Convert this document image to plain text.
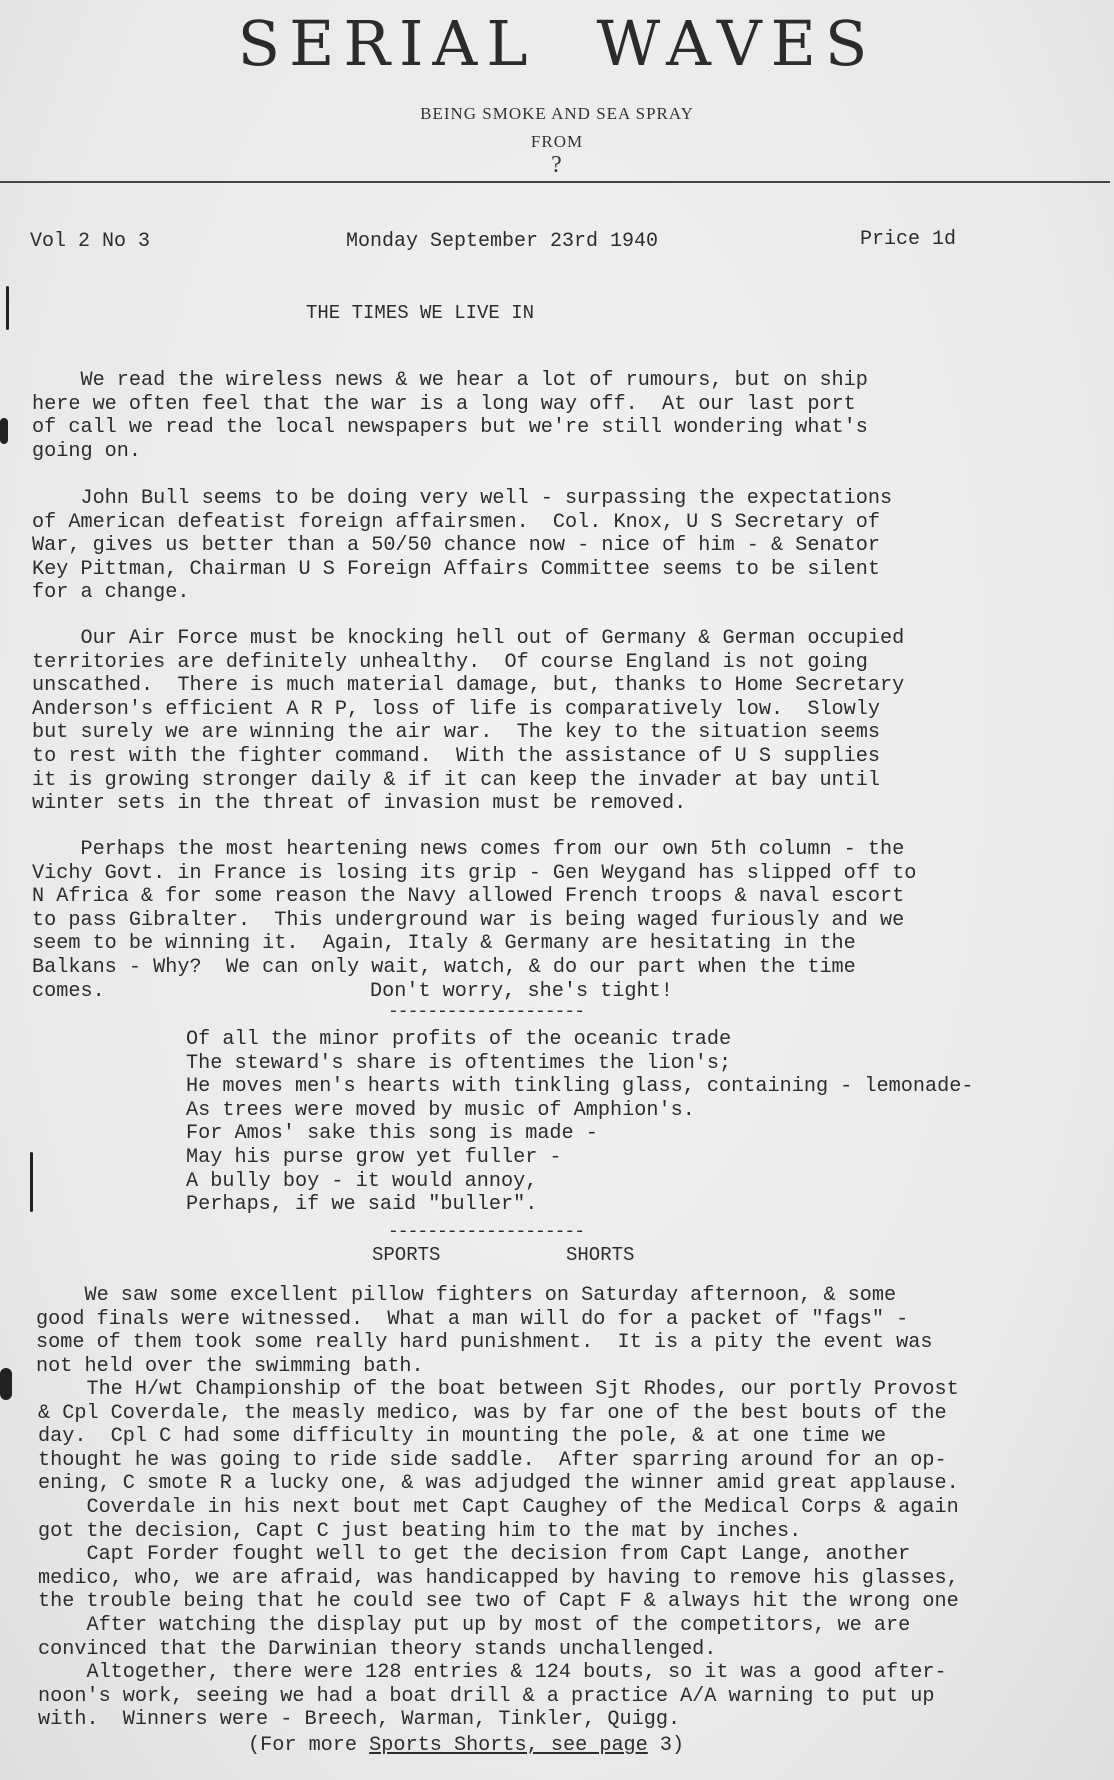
SERIAL WAVES
BEING SMOKE AND SEA SPRAY
FROM
?
Vol 2 No 3	Monday September 23rd 1940	Price 1d
THE TIMES WE LIVE IN

We read the wireless news & we hear a lot of rumours, but on ship
here we often feel that the war is a long way off.  At our last port
of call we read the local newspapers but we're still wondering what's
going on.

John Bull seems to be doing very well - surpassing the expectations
of American defeatist foreign affairsmen.  Col. Knox, U S Secretary of
War, gives us better than a 50/50 chance now - nice of him - & Senator
Key Pittman, Chairman U S Foreign Affairs Committee seems to be silent
for a change.

Our Air Force must be knocking hell out of Germany & German occupied
territories are definitely unhealthy.  Of course England is not going
unscathed.  There is much material damage, but, thanks to Home Secretary
Anderson's efficient A R P, loss of life is comparatively low.  Slowly
but surely we are winning the air war.  The key to the situation seems
to rest with the fighter command.  With the assistance of U S supplies
it is growing stronger daily & if it can keep the invader at bay until
winter sets in the threat of invasion must be removed.

Perhaps the most heartening news comes from our own 5th column - the
Vichy Govt. in France is losing its grip - Gen Weygand has slipped off to
N Africa & for some reason the Navy allowed French troops & naval escort
to pass Gibralter.  This underground war is being waged furiously and we
seem to be winning it.  Again, Italy & Germany are hesitating in the
Balkans - Why?  We can only wait, watch, & do our part when the time
comes.	Don't worry, she's tight!
--------------------

Of all the minor profits of the oceanic trade
The steward's share is oftentimes the lion's;
He moves men's hearts with tinkling glass, containing - lemonade-
As trees were moved by music of Amphion's.
For Amos' sake this song is made -
May his purse grow yet fuller -
A bully boy - it would annoy,
Perhaps, if we said "buller".

--------------------
SPORTS	SHORTS

We saw some excellent pillow fighters on Saturday afternoon, & some
good finals were witnessed.  What a man will do for a packet of "fags" -
some of them took some really hard punishment.  It is a pity the event was
not held over the swimming bath.

The H/wt Championship of the boat between Sjt Rhodes, our portly Provost
& Cpl Coverdale, the measly medico, was by far one of the best bouts of the
day.  Cpl C had some difficulty in mounting the pole, & at one time we
thought he was going to ride side saddle.  After sparring around for an op-
ening, C smote R a lucky one, & was adjudged the winner amid great applause.
Coverdale in his next bout met Capt Caughey of the Medical Corps & again
got the decision, Capt C just beating him to the mat by inches.
Capt Forder fought well to get the decision from Capt Lange, another
medico, who, we are afraid, was handicapped by having to remove his glasses,
the trouble being that he could see two of Capt F & always hit the wrong one
After watching the display put up by most of the competitors, we are
convinced that the Darwinian theory stands unchallenged.
Altogether, there were 128 entries & 124 bouts, so it was a good after-
noon's work, seeing we had a boat drill & a practice A/A warning to put up
with.  Winners were - Breech, Warman, Tinkler, Quigg.

(For more Sports Shorts, see page 3)
